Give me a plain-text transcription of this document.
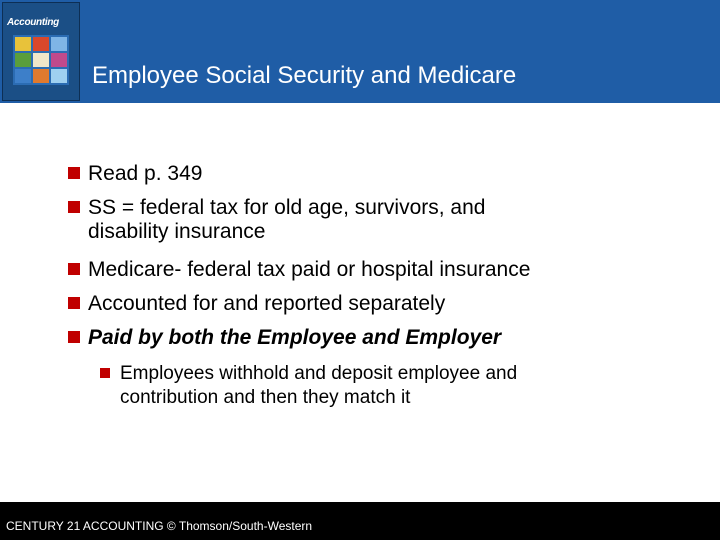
Accounting
Employee Social Security and Medicare
Read p. 349
SS = federal tax for old age, survivors, and
disability insurance
Medicare- federal tax paid or hospital insurance
Accounted for and reported separately
Paid by both the Employee and Employer
Employees withhold and deposit employee and
contribution and then they match it
CENTURY 21 ACCOUNTING © Thomson/South-Western
